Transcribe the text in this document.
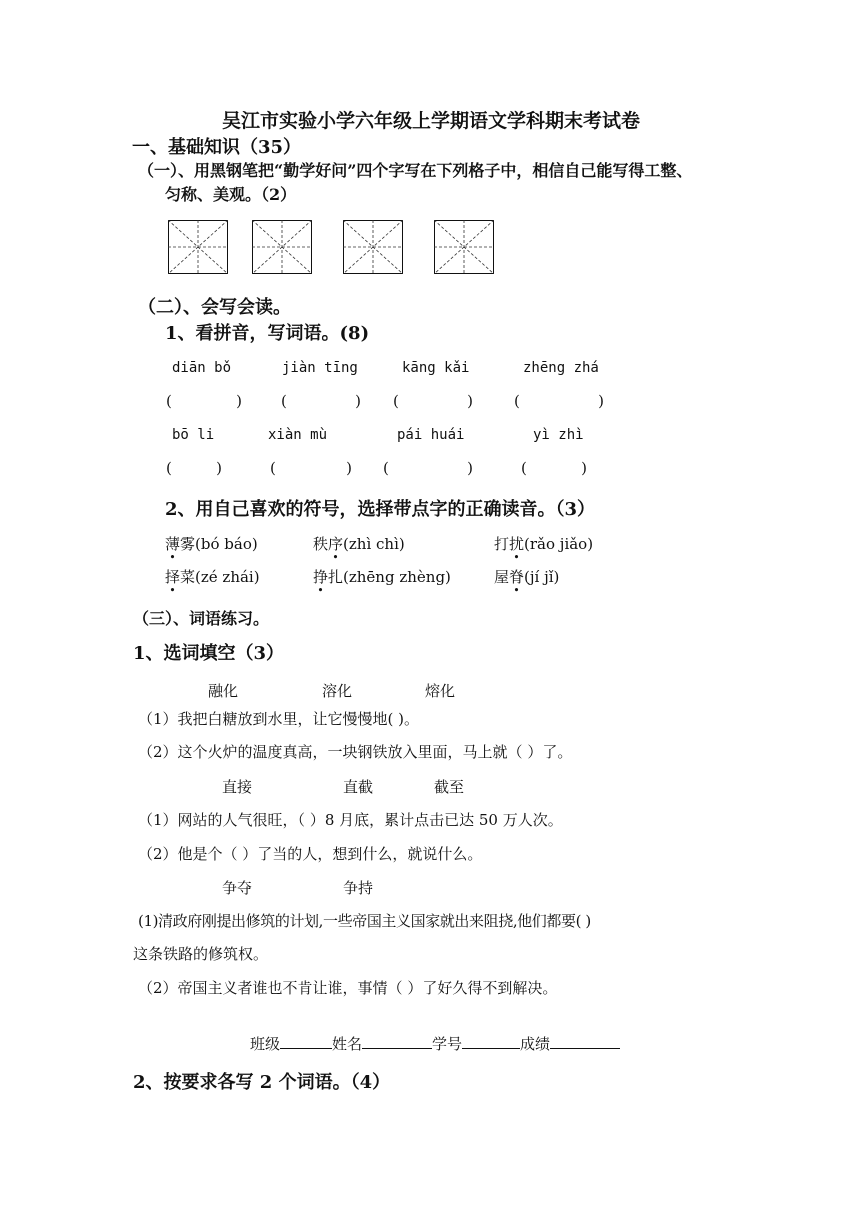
吴江市实验小学六年级上学期语文学科期末考试卷
一、基础知识（35）
（一）、用黑钢笔把“勤学好问”四个字写在下列格子中，相信自己能写得工整、
匀称、美观。（2）
（二）、会写会读。
1、看拼音，写词语。(8)
diān bǒ	jiàn tīng	kāng kǎi	zhēng zhá
(	)	(	) (	)	(	)
bō li	xiàn mù	pái huái	yì zhì
(	)	(	) (	)	(	)
2、用自己喜欢的符号，选择带点字的正确读音。（3）
薄雾(bó báo)	秩序(zhì chì)	打扰(rǎo jiǎo)
择菜(zé zhái)	挣扎(zhēng zhèng)	屋脊(jí jǐ)
（三）、词语练习。
1、选词填空（3）
融化	溶化	熔化
（1）我把白糖放到水里，让它慢慢地( )。
（2）这个火炉的温度真高，一块钢铁放入里面，马上就（ ）了。
直接	直截	截至
（1）网站的人气很旺，（ ）8 月底，累计点击已达 50 万人次。
（2）他是个（ ）了当的人，想到什么，就说什么。
争夺	争持
(1)清政府刚提出修筑的计划,一些帝国主义国家就出来阻挠,他们都要( )
这条铁路的修筑权。
（2）帝国主义者谁也不肯让谁，事情（ ）了好久得不到解决。
班级	姓名	学号	成绩
2、按要求各写 2 个词语。（4）
